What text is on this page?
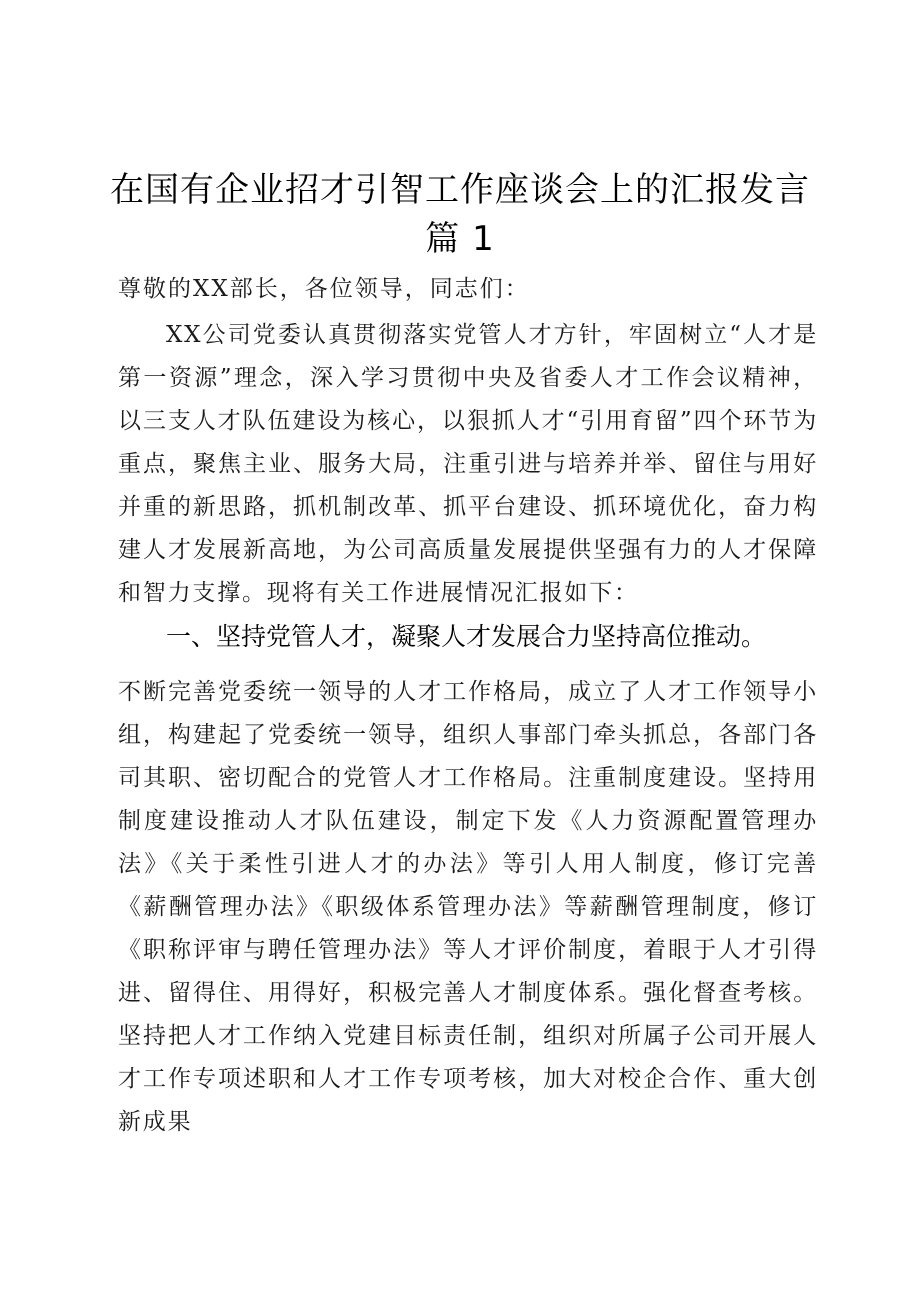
在国有企业招才引智工作座谈会上的汇报发言
篇 1
尊敬的XX部长，各位领导，同志们：
XX公司党委认真贯彻落实党管人才方针，牢固树立“人才是第一资源”理念，深入学习贯彻中央及省委人才工作会议精神，以三支人才队伍建设为核心，以狠抓人才“引用育留”四个环节为重点，聚焦主业、服务大局，注重引进与培养并举、留住与用好并重的新思路，抓机制改革、抓平台建设、抓环境优化，奋力构建人才发展新高地，为公司高质量发展提供坚强有力的人才保障和智力支撑。现将有关工作进展情况汇报如下：
一、坚持党管人才，凝聚人才发展合力坚持高位推动。
不断完善党委统一领导的人才工作格局，成立了人才工作领导小组，构建起了党委统一领导，组织人事部门牵头抓总，各部门各司其职、密切配合的党管人才工作格局。注重制度建设。坚持用制度建设推动人才队伍建设，制定下发《人力资源配置管理办法》《关于柔性引进人才的办法》等引人用人制度，修订完善《薪酬管理办法》《职级体系管理办法》等薪酬管理制度，修订《职称评审与聘任管理办法》等人才评价制度，着眼于人才引得进、留得住、用得好，积极完善人才制度体系。强化督查考核。坚持把人才工作纳入党建目标责任制，组织对所属子公司开展人才工作专项述职和人才工作专项考核，加大对校企合作、重大创新成果
